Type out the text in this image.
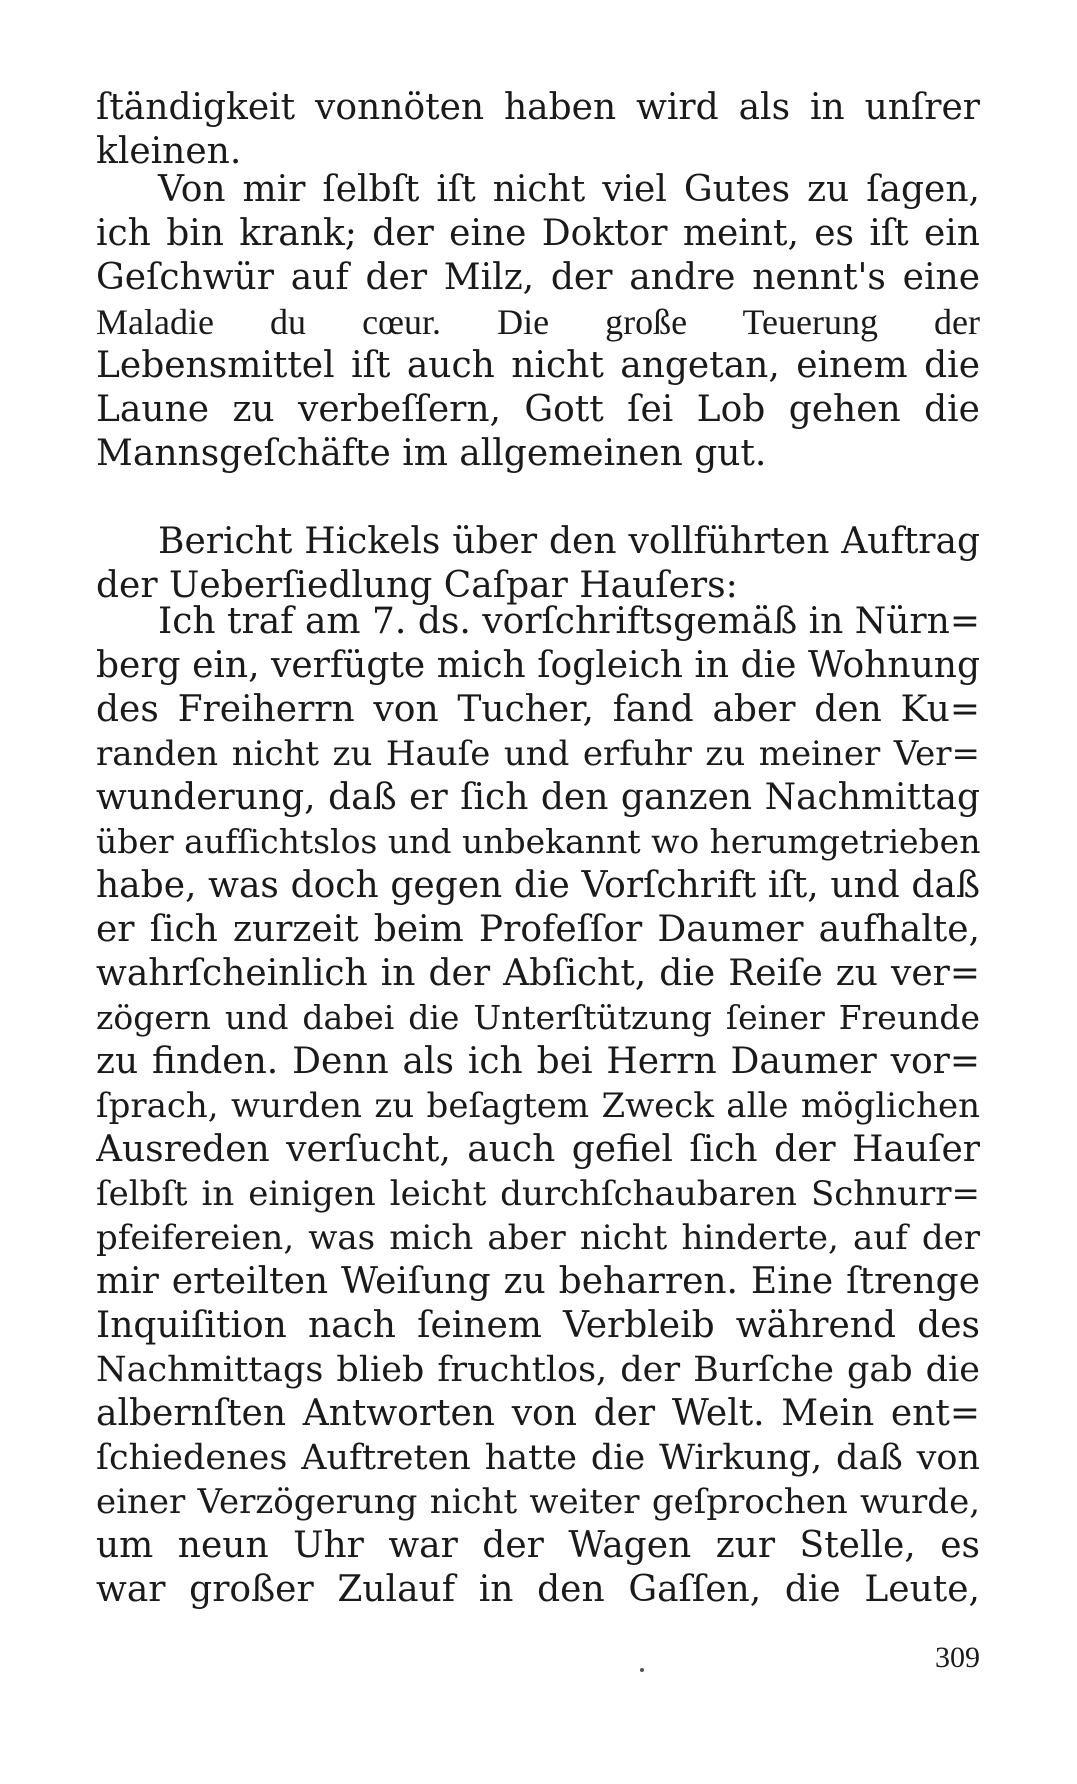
ſtändigkeit vonnöten haben wird als in unſrer
kleinen.
Von mir ſelbſt iſt nicht viel Gutes zu ſagen,
ich bin krank; der eine Doktor meint, es iſt ein
Geſchwür auf der Milz, der andre nennt's eine
Maladie du cœur. Die große Teuerung der
Lebensmittel iſt auch nicht angetan, einem die
Laune zu verbeſſern, Gott ſei Lob gehen die
Mannsgeſchäfte im allgemeinen gut.
Bericht Hickels über den vollführten Auftrag
der Ueberſiedlung Caſpar Hauſers:
Ich traf am 7. ds. vorſchriftsgemäß in Nürn=
berg ein, verfügte mich ſogleich in die Wohnung
des Freiherrn von Tucher, fand aber den Ku=
randen nicht zu Hauſe und erfuhr zu meiner Ver=
wunderung, daß er ſich den ganzen Nachmittag
über aufſichtslos und unbekannt wo herumgetrieben
habe, was doch gegen die Vorſchrift iſt, und daß
er ſich zurzeit beim Profeſſor Daumer aufhalte,
wahrſcheinlich in der Abſicht, die Reiſe zu ver=
zögern und dabei die Unterſtützung ſeiner Freunde
zu finden. Denn als ich bei Herrn Daumer vor=
ſprach, wurden zu beſagtem Zweck alle möglichen
Ausreden verſucht, auch gefiel ſich der Hauſer
ſelbſt in einigen leicht durchſchaubaren Schnurr=
pfeifereien, was mich aber nicht hinderte, auf der
mir erteilten Weiſung zu beharren. Eine ſtrenge
Inquiſition nach ſeinem Verbleib während des
Nachmittags blieb fruchtlos, der Burſche gab die
albernſten Antworten von der Welt. Mein ent=
ſchiedenes Auftreten hatte die Wirkung, daß von
einer Verzögerung nicht weiter geſprochen wurde,
um neun Uhr war der Wagen zur Stelle, es
war großer Zulauf in den Gaſſen, die Leute,
309
